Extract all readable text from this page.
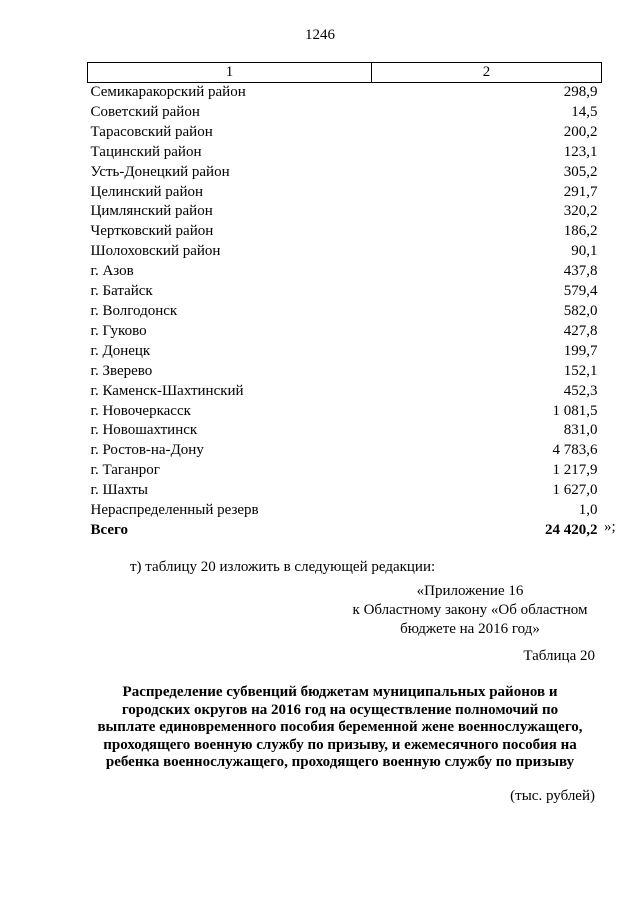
1246
1	2
Семикаракорский район	298,9
Советский район	14,5
Тарасовский район	200,2
Тацинский район	123,1
Усть-Донецкий район	305,2
Целинский район	291,7
Цимлянский район	320,2
Чертковский район	186,2
Шолоховский район	90,1
г. Азов	437,8
г. Батайск	579,4
г. Волгодонск	582,0
г. Гуково	427,8
г. Донецк	199,7
г. Зверево	152,1
г. Каменск-Шахтинский	452,3
г. Новочеркасск	1 081,5
г. Новошахтинск	831,0
г. Ростов-на-Дону	4 783,6
г. Таганрог	1 217,9
г. Шахты	1 627,0
Нераспределенный резерв	1,0
Всего	24 420,2 »;
т) таблицу 20 изложить в следующей редакции:
«Приложение 16
к Областному закону «Об областном
бюджете на 2016 год»
Таблица 20
Распределение субвенций бюджетам муниципальных районов и
городских округов на 2016 год на осуществление полномочий по
выплате единовременного пособия беременной жене военнослужащего,
проходящего военную службу по призыву, и ежемесячного пособия на
ребенка военнослужащего, проходящего военную службу по призыву
(тыс. рублей)
